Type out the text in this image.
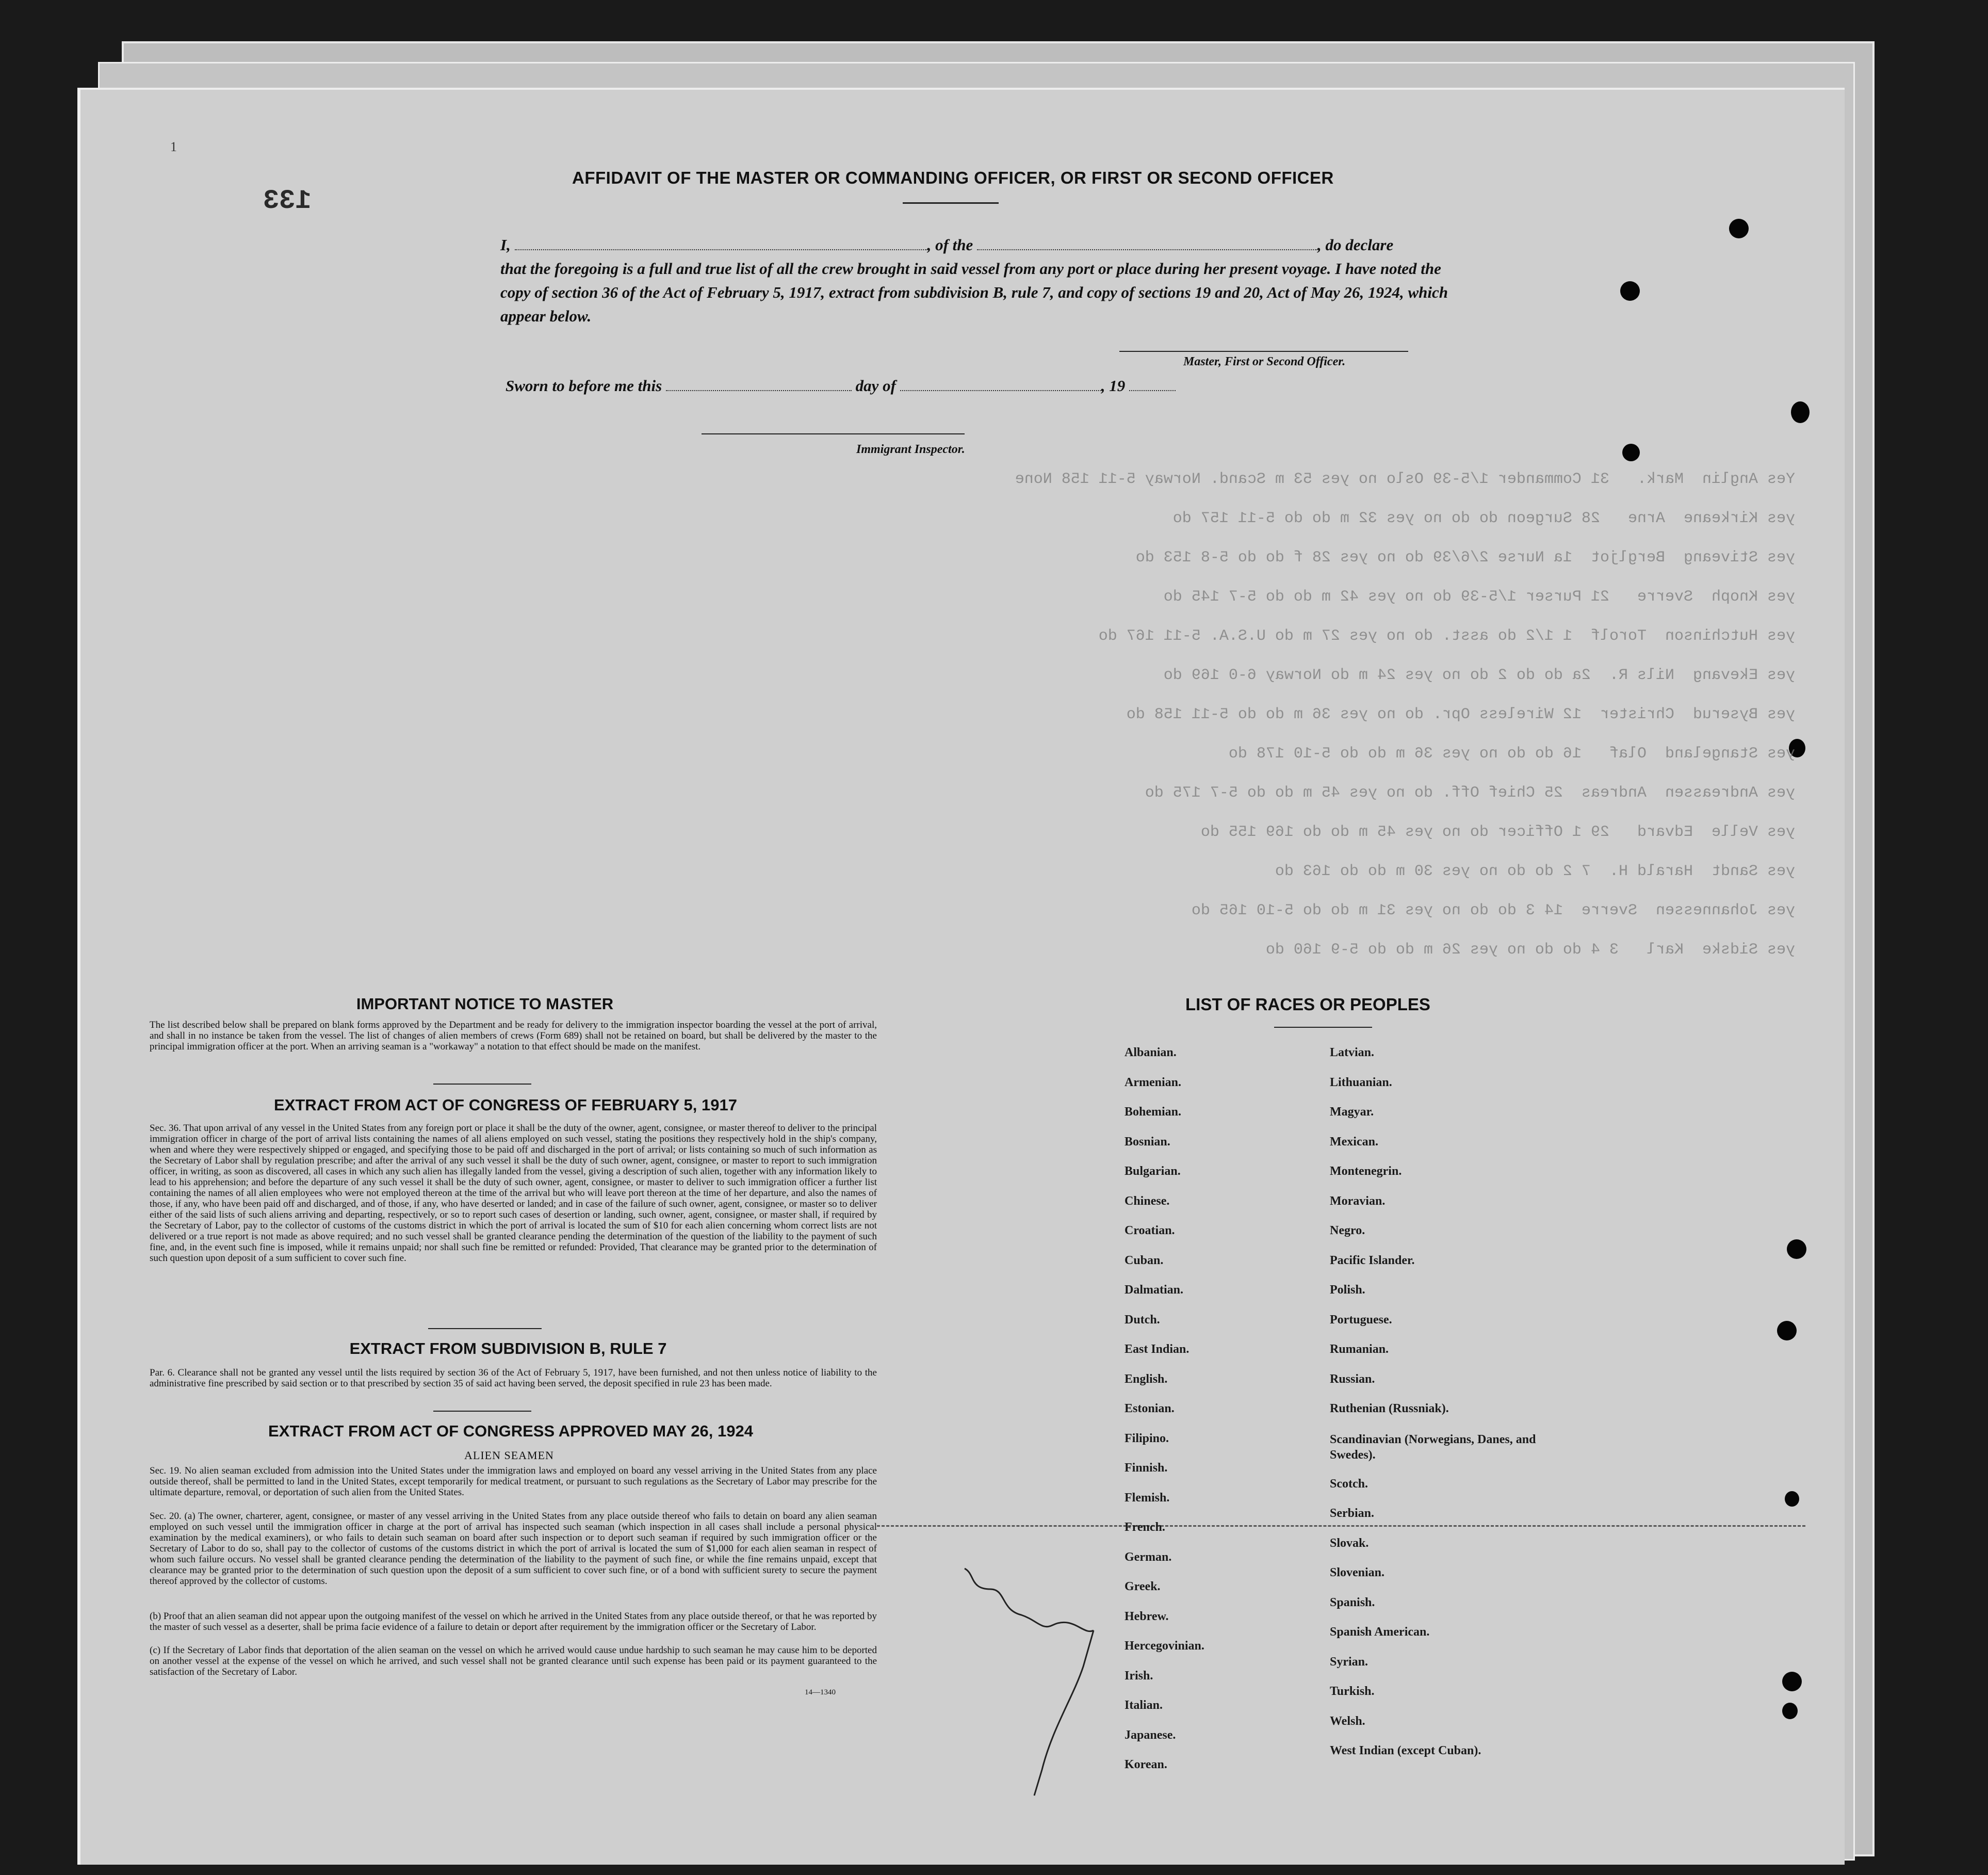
1
133
AFFIDAVIT OF THE MASTER OR COMMANDING OFFICER, OR FIRST OR SECOND OFFICER
I,	, of the	, do declare
that the foregoing is a full and true list of all the crew brought in said vessel from any port or place during her present voyage. I have noted the copy of section 36 of the Act of February 5, 1917, extract from subdivision B, rule 7, and copy of sections 19 and 20, Act of May 26, 1924, which appear below.
Master, First or Second Officer.
Sworn to before me this	day of	, 19
Immigrant Inspector.
Yes Anglin  Mark.   31 Commander 1/5-39 Oslo no yes 53 m Scand. Norway 5-11 158 None
yes Kirkeane  Arne   28 Surgeon do do no yes 32 m do do 5-11 157 do
yes Stiveang  Bergljot  1a Nurse 2/6/39 do no yes 28 f do do 5-8 153 do
yes Knoph  Sverre   21 Purser 1/5-39 do no yes 42 m do do 5-7 145 do
yes Hutchinson  Torolf  1 1/2 do asst. do no yes 27 m do U.S.A. 5-11 167 do
yes Ekevang  Nils R.  2a do do 2 do no yes 24 m do Norway 6-0 169 do
yes Byserud  Christer  12 Wireless Opr. do no yes 36 m do do 5-11 158 do
yes Stangeland  Olaf   16 do do no yes 36 m do do 5-10 178 do
yes Andreassen  Andreas  25 Chief Off. do no yes 45 m do do 5-7 175 do
yes Velle  Edvard   29 1 Officer do no yes 45 m do do 169 155 do
yes Sandt  Harald H.  7 2 do do no yes 30 m do do 163 do
yes Johannessen  Sverre  14 3 do do no yes 31 m do do 5-10 165 do
yes Sidske  Karl   3 4 do do no yes 26 m do do 5-9 160 do
IMPORTANT NOTICE TO MASTER
The list described below shall be prepared on blank forms approved by the Department and be ready for delivery to the immigration inspector boarding the vessel at the port of arrival, and shall in no instance be taken from the vessel. The list of changes of alien members of crews (Form 689) shall not be retained on board, but shall be delivered by the master to the principal immigration officer at the port. When an arriving seaman is a "workaway" a notation to that effect should be made on the manifest.
EXTRACT FROM ACT OF CONGRESS OF FEBRUARY 5, 1917
Sec. 36. That upon arrival of any vessel in the United States from any foreign port or place it shall be the duty of the owner, agent, consignee, or master thereof to deliver to the principal immigration officer in charge of the port of arrival lists containing the names of all aliens employed on such vessel, stating the positions they respectively hold in the ship's company, when and where they were respectively shipped or engaged, and specifying those to be paid off and discharged in the port of arrival; or lists containing so much of such information as the Secretary of Labor shall by regulation prescribe; and after the arrival of any such vessel it shall be the duty of such owner, agent, consignee, or master to report to such immigration officer, in writing, as soon as discovered, all cases in which any such alien has illegally landed from the vessel, giving a description of such alien, together with any information likely to lead to his apprehension; and before the departure of any such vessel it shall be the duty of such owner, agent, consignee, or master to deliver to such immigration officer a further list containing the names of all alien employees who were not employed thereon at the time of the arrival but who will leave port thereon at the time of her departure, and also the names of those, if any, who have been paid off and discharged, and of those, if any, who have deserted or landed; and in case of the failure of such owner, agent, consignee, or master so to deliver either of the said lists of such aliens arriving and departing, respectively, or so to report such cases of desertion or landing, such owner, agent, consignee, or master shall, if required by the Secretary of Labor, pay to the collector of customs of the customs district in which the port of arrival is located the sum of $10 for each alien concerning whom correct lists are not delivered or a true report is not made as above required; and no such vessel shall be granted clearance pending the determination of the question of the liability to the payment of such fine, and, in the event such fine is imposed, while it remains unpaid; nor shall such fine be remitted or refunded: Provided, That clearance may be granted prior to the determination of such question upon deposit of a sum sufficient to cover such fine.
EXTRACT FROM SUBDIVISION B, RULE 7
Par. 6. Clearance shall not be granted any vessel until the lists required by section 36 of the Act of February 5, 1917, have been furnished, and not then unless notice of liability to the administrative fine prescribed by said section or to that prescribed by section 35 of said act having been served, the deposit specified in rule 23 has been made.
EXTRACT FROM ACT OF CONGRESS APPROVED MAY 26, 1924
ALIEN SEAMEN
Sec. 19. No alien seaman excluded from admission into the United States under the immigration laws and employed on board any vessel arriving in the United States from any place outside thereof, shall be permitted to land in the United States, except temporarily for medical treatment, or pursuant to such regulations as the Secretary of Labor may prescribe for the ultimate departure, removal, or deportation of such alien from the United States.
Sec. 20. (a) The owner, charterer, agent, consignee, or master of any vessel arriving in the United States from any place outside thereof who fails to detain on board any alien seaman employed on such vessel until the immigration officer in charge at the port of arrival has inspected such seaman (which inspection in all cases shall include a personal physical examination by the medical examiners), or who fails to detain such seaman on board after such inspection or to deport such seaman if required by such immigration officer or the Secretary of Labor to do so, shall pay to the collector of customs of the customs district in which the port of arrival is located the sum of $1,000 for each alien seaman in respect of whom such failure occurs. No vessel shall be granted clearance pending the determination of the liability to the payment of such fine, or while the fine remains unpaid, except that clearance may be granted prior to the determination of such question upon the deposit of a sum sufficient to cover such fine, or of a bond with sufficient surety to secure the payment thereof approved by the collector of customs.
(b) Proof that an alien seaman did not appear upon the outgoing manifest of the vessel on which he arrived in the United States from any place outside thereof, or that he was reported by the master of such vessel as a deserter, shall be prima facie evidence of a failure to detain or deport after requirement by the immigration officer or the Secretary of Labor.
(c) If the Secretary of Labor finds that deportation of the alien seaman on the vessel on which he arrived would cause undue hardship to such seaman he may cause him to be deported on another vessel at the expense of the vessel on which he arrived, and such vessel shall not be granted clearance until such expense has been paid or its payment guaranteed to the satisfaction of the Secretary of Labor.
14—1340
LIST OF RACES OR PEOPLES
Albanian.
Armenian.
Bohemian.
Bosnian.
Bulgarian.
Chinese.
Croatian.
Cuban.
Dalmatian.
Dutch.
East Indian.
English.
Estonian.
Filipino.
Finnish.
Flemish.
French.
German.
Greek.
Hebrew.
Hercegovinian.
Irish.
Italian.
Japanese.
Korean.
Latvian.
Lithuanian.
Magyar.
Mexican.
Montenegrin.
Moravian.
Negro.
Pacific Islander.
Polish.
Portuguese.
Rumanian.
Russian.
Ruthenian (Russniak).
Scandinavian (Norwegians, Danes, and Swedes).
Scotch.
Serbian.
Slovak.
Slovenian.
Spanish.
Spanish American.
Syrian.
Turkish.
Welsh.
West Indian (except Cuban).
